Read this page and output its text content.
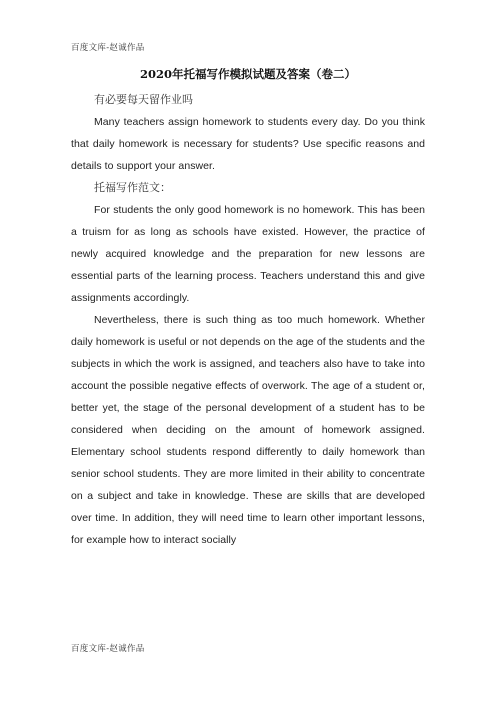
百度文库-赵诚作品
2020年托福写作模拟试题及答案（卷二）

有必要每天留作业吗

Many teachers assign homework to students every day. Do you think that daily homework is necessary for students? Use specific reasons and details to support your answer.

托福写作范文：

For students the only good homework is no homework. This has been a truism for as long as schools have existed. However, the practice of newly acquired knowledge and the preparation for new lessons are essential parts of the learning process. Teachers understand this and give assignments accordingly.

Nevertheless, there is such thing as too much homework. Whether daily homework is useful or not depends on the age of the students and the subjects in which the work is assigned, and teachers also have to take into account the possible negative effects of overwork. The age of a student or, better yet, the stage of the personal development of a student has to be considered when deciding on the amount of homework assigned. Elementary school students respond differently to daily homework than senior school students. They are more limited in their ability to concentrate on a subject and take in knowledge. These are skills that are developed over time. In addition, they will need time to learn other important lessons, for example how to interact socially

百度文库-赵诚作品
